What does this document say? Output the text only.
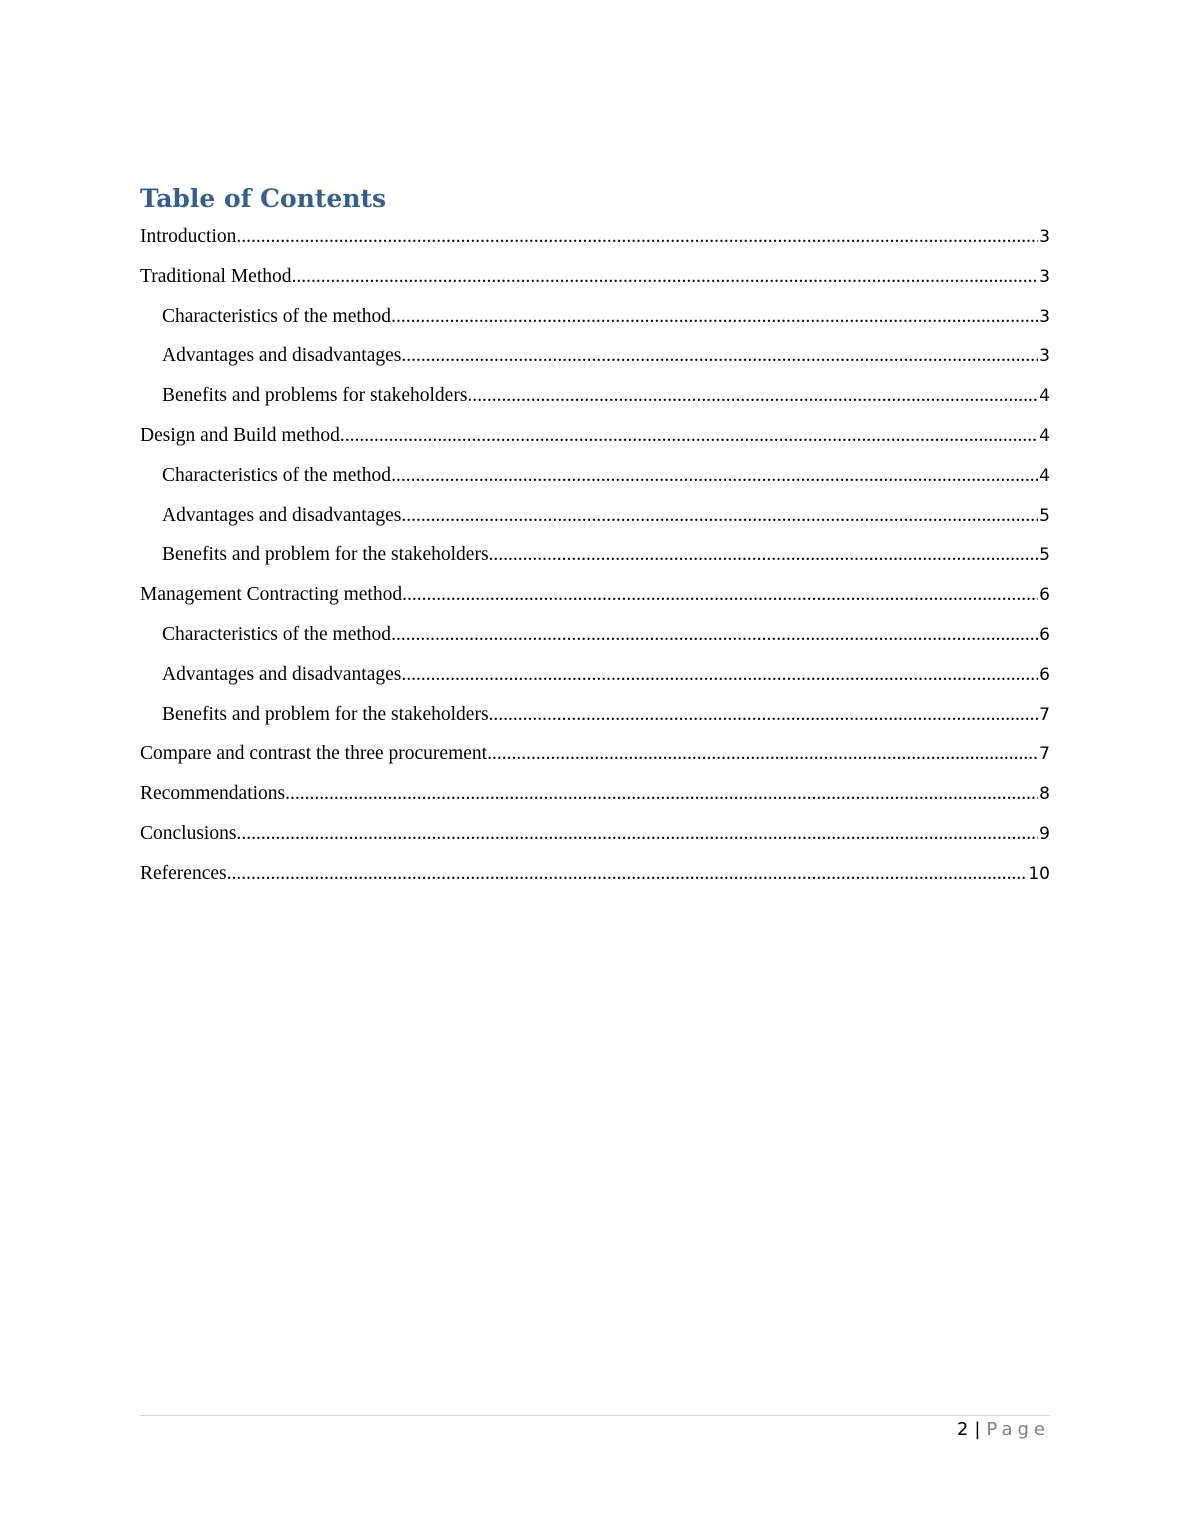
Table of Contents
Introduction .....	3
Traditional Method .....	3
Characteristics of the method .....	3
Advantages and disadvantages .....	3
Benefits and problems for stakeholders .....	4
Design and Build method .....	4
Characteristics of the method .....	4
Advantages and disadvantages .....	5
Benefits and problem for the stakeholders .....	5
Management Contracting method .....	6
Characteristics of the method .....	6
Advantages and disadvantages .....	6
Benefits and problem for the stakeholders .....	7
Compare and contrast the three procurement .....	7
Recommendations .....	8
Conclusions .....	9
References .....	10
2 | Page
